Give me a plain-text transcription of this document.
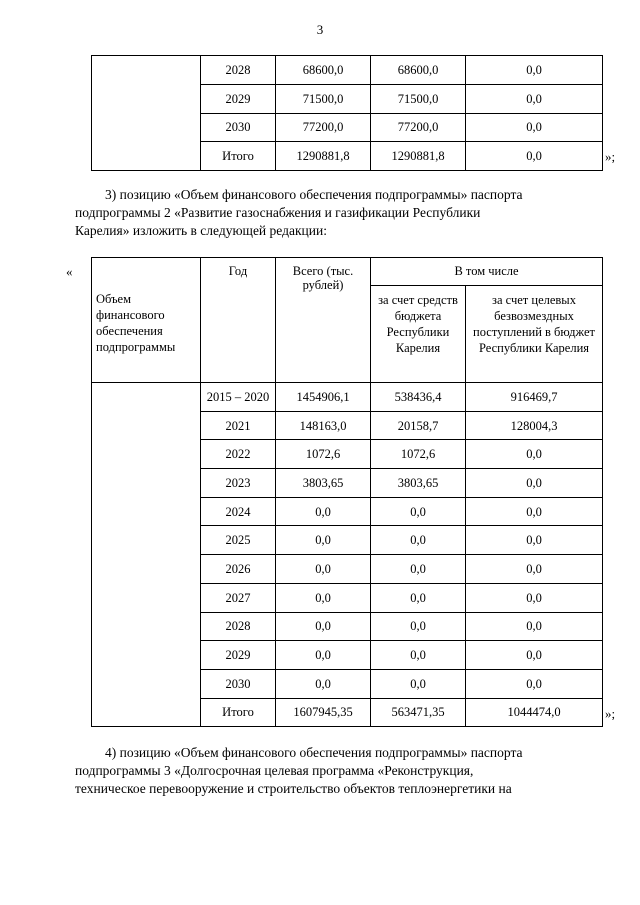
3
	2028	68600,0	68600,0	0,0
	2029	71500,0	71500,0	0,0
	2030	77200,0	77200,0	0,0
	Итого	1290881,8	1290881,8	0,0	»;
3) позицию «Объем финансового обеспечения подпрограммы» паспорта
подпрограммы 2 «Развитие газоснабжения и газификации Республики
Карелия» изложить в следующей редакции:
«
Объем финансового обеспечения подпрограммы	Год	Всего (тыс. рублей)	В том числе	
			за счет средств бюджета Республики Карелия	за счет целевых безвозмездных поступлений в бюджет Республики Карелия
	2015 – 2020	1454906,1	538436,4	916469,7
	2021	148163,0	20158,7	128004,3
	2022	1072,6	1072,6	0,0
	2023	3803,65	3803,65	0,0
	2024	0,0	0,0	0,0
	2025	0,0	0,0	0,0
	2026	0,0	0,0	0,0
	2027	0,0	0,0	0,0
	2028	0,0	0,0	0,0
	2029	0,0	0,0	0,0
	2030	0,0	0,0	0,0
	Итого	1607945,35	563471,35	1044474,0	»;
4) позицию «Объем финансового обеспечения подпрограммы» паспорта
подпрограммы 3 «Долгосрочная целевая программа «Реконструкция,
техническое перевооружение и строительство объектов теплоэнергетики на
